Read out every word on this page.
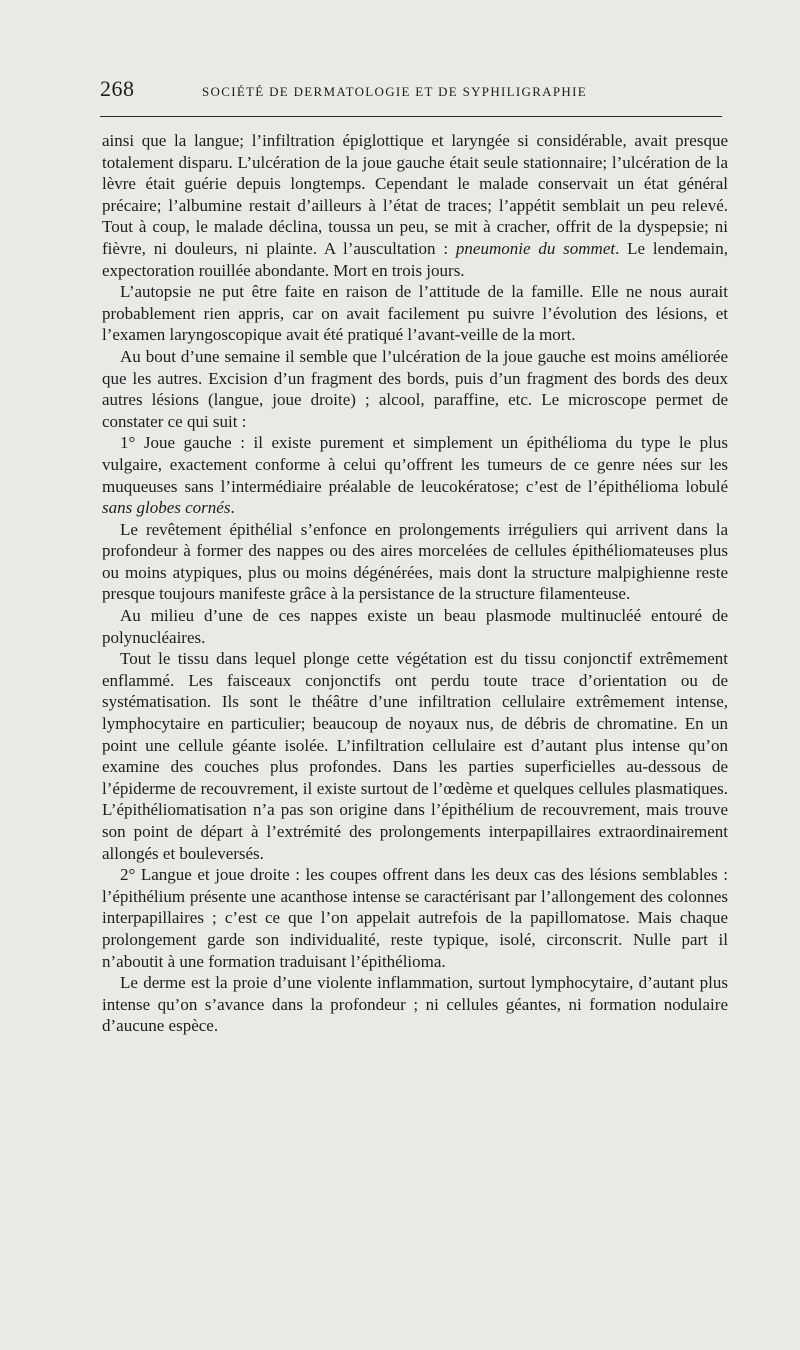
268	SOCIÉTÉ DE DERMATOLOGIE ET DE SYPHILIGRAPHIE

ainsi que la langue; l’infiltration épiglottique et laryngée si considérable, avait presque totalement disparu. L’ulcération de la joue gauche était seule stationnaire; l’ulcération de la lèvre était guérie depuis longtemps. Cependant le malade conservait un état général précaire; l’albumine restait d’ailleurs à l’état de traces; l’appétit semblait un peu relevé. Tout à coup, le malade déclina, toussa un peu, se mit à cracher, offrit de la dyspepsie; ni fièvre, ni douleurs, ni plainte. A l’auscultation : pneumonie du sommet. Le lendemain, expectoration rouillée abondante. Mort en trois jours.

L’autopsie ne put être faite en raison de l’attitude de la famille. Elle ne nous aurait probablement rien appris, car on avait facilement pu suivre l’évolution des lésions, et l’examen laryngoscopique avait été pratiqué l’avant-veille de la mort.

Au bout d’une semaine il semble que l’ulcération de la joue gauche est moins améliorée que les autres. Excision d’un fragment des bords, puis d’un fragment des bords des deux autres lésions (langue, joue droite) ; alcool, paraffine, etc. Le microscope permet de constater ce qui suit :

1° Joue gauche : il existe purement et simplement un épithélioma du type le plus vulgaire, exactement conforme à celui qu’offrent les tumeurs de ce genre nées sur les muqueuses sans l’intermédiaire préalable de leucokératose; c’est de l’épithélioma lobulé sans globes cornés.

Le revêtement épithélial s’enfonce en prolongements irréguliers qui arrivent dans la profondeur à former des nappes ou des aires morcelées de cellules épithéliomateuses plus ou moins atypiques, plus ou moins dégénérées, mais dont la structure malpighienne reste presque toujours manifeste grâce à la persistance de la structure filamenteuse.

Au milieu d’une de ces nappes existe un beau plasmode multinucléé entouré de polynucléaires.

Tout le tissu dans lequel plonge cette végétation est du tissu conjonctif extrêmement enflammé. Les faisceaux conjonctifs ont perdu toute trace d’orientation ou de systématisation. Ils sont le théâtre d’une infiltration cellulaire extrêmement intense, lymphocytaire en particulier; beaucoup de noyaux nus, de débris de chromatine. En un point une cellule géante isolée. L’infiltration cellulaire est d’autant plus intense qu’on examine des couches plus profondes. Dans les parties superficielles au-dessous de l’épiderme de recouvrement, il existe surtout de l’œdème et quelques cellules plasmatiques. L’épithéliomatisation n’a pas son origine dans l’épithélium de recouvrement, mais trouve son point de départ à l’extrémité des prolongements interpapillaires extraordinairement allongés et bouleversés.

2° Langue et joue droite : les coupes offrent dans les deux cas des lésions semblables : l’épithélium présente une acanthose intense se caractérisant par l’allongement des colonnes interpapillaires ; c’est ce que l’on appelait autrefois de la papillomatose. Mais chaque prolongement garde son individualité, reste typique, isolé, circonscrit. Nulle part il n’aboutit à une formation traduisant l’épithélioma.

Le derme est la proie d’une violente inflammation, surtout lymphocytaire, d’autant plus intense qu’on s’avance dans la profondeur ; ni cellules géantes, ni formation nodulaire d’aucune espèce.
